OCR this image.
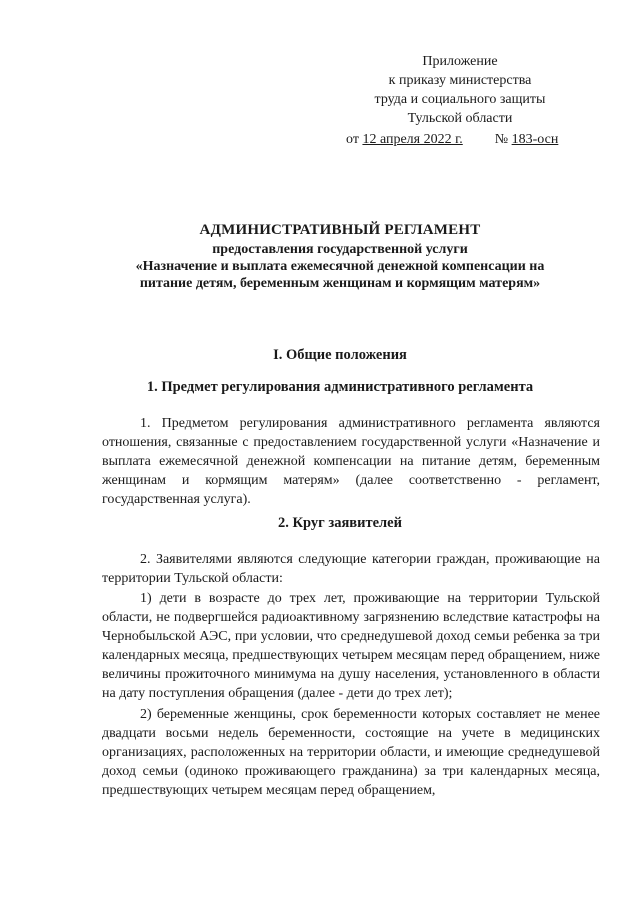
Приложение
к приказу министерства
труда и социального защиты
Тульской области
от
12 апреля 2022 г. № 183-осн
АДМИНИСТРАТИВНЫЙ РЕГЛАМЕНТ
предоставления государственной услуги
«Назначение и выплата ежемесячной денежной компенсации на
питание детям, беременным женщинам и кормящим матерям»
I. Общие положения
1. Предмет регулирования административного регламента
1. Предметом регулирования административного регламента являются отношения, связанные с предоставлением государственной услуги «Назначение и выплата ежемесячной денежной компенсации на питание детям, беременным женщинам и кормящим матерям» (далее соответственно - регламент, государственная услуга).
2. Круг заявителей
2. Заявителями являются следующие категории граждан, проживающие на территории Тульской области:
1) дети в возрасте до трех лет, проживающие на территории Тульской области, не подвергшейся радиоактивному загрязнению вследствие катастрофы на Чернобыльской АЭС, при условии, что среднедушевой доход семьи ребенка за три календарных месяца, предшествующих четырем месяцам перед обращением, ниже величины прожиточного минимума на душу населения, установленного в области на дату поступления обращения (далее - дети до трех лет);
2) беременные женщины, срок беременности которых составляет не менее двадцати восьми недель беременности, состоящие на учете в медицинских организациях, расположенных на территории области, и имеющие среднедушевой доход семьи (одиноко проживающего гражданина) за три календарных месяца, предшествующих четырем месяцам перед обращением,
